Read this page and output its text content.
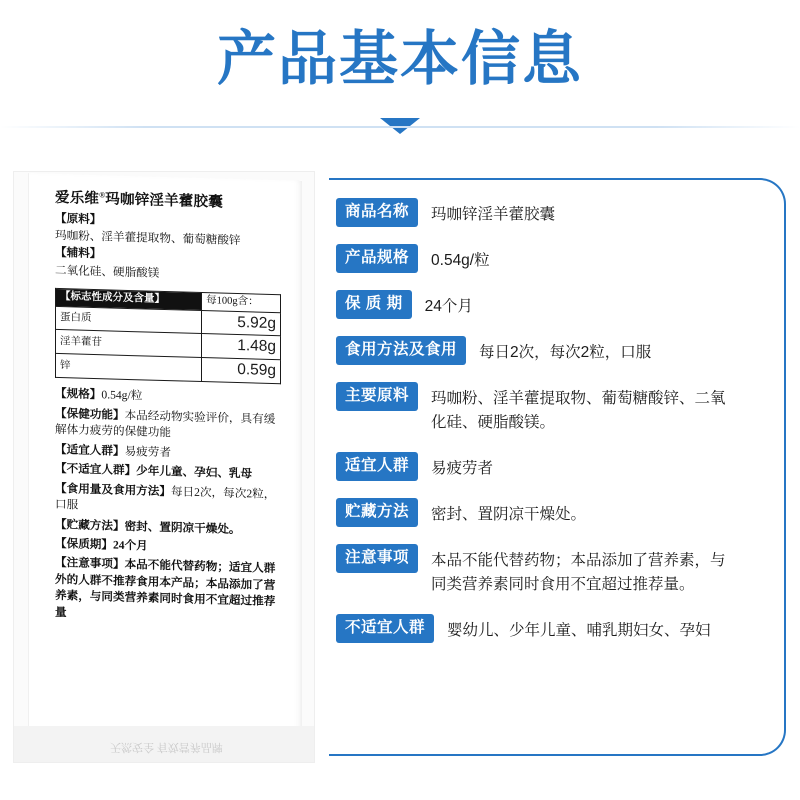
产品基本信息
爱乐维®玛咖锌淫羊藿胶囊
【原料】
玛咖粉、淫羊藿提取物、葡萄糖酸锌
【辅料】
二氧化硅、硬脂酸镁
【标志性成分及含量】	每100g含：
蛋白质	5.92g
淫羊藿苷	1.48g
锌	0.59g
【规格】0.54g/粒
【保健功能】本品经动物实验评价，具有缓解体力疲劳的保健功能
【适宜人群】易疲劳者
【不适宜人群】少年儿童、孕妇、乳母
【食用量及食用方法】每日2次，每次2粒，口服
【贮藏方法】密封、置阴凉干燥处。
【保质期】24个月
【注意事项】本品不能代替药物；适宜人群外的人群不推荐食用本产品；本品添加了营养素，与同类营养素同时食用不宜超过推荐量
天然安全 有效营养品牌
商品名称	玛咖锌淫羊藿胶囊
产品规格	0.54g/粒
保 质 期	24个月
食用方法及食用	每日2次，每次2粒，口服
主要原料	玛咖粉、淫羊藿提取物、葡萄糖酸锌、二氧化硅、硬脂酸镁。
适宜人群	易疲劳者
贮藏方法	密封、置阴凉干燥处。
注意事项	本品不能代替药物；本品添加了营养素，与同类营养素同时食用不宜超过推荐量。
不适宜人群	婴幼儿、少年儿童、哺乳期妇女、孕妇
